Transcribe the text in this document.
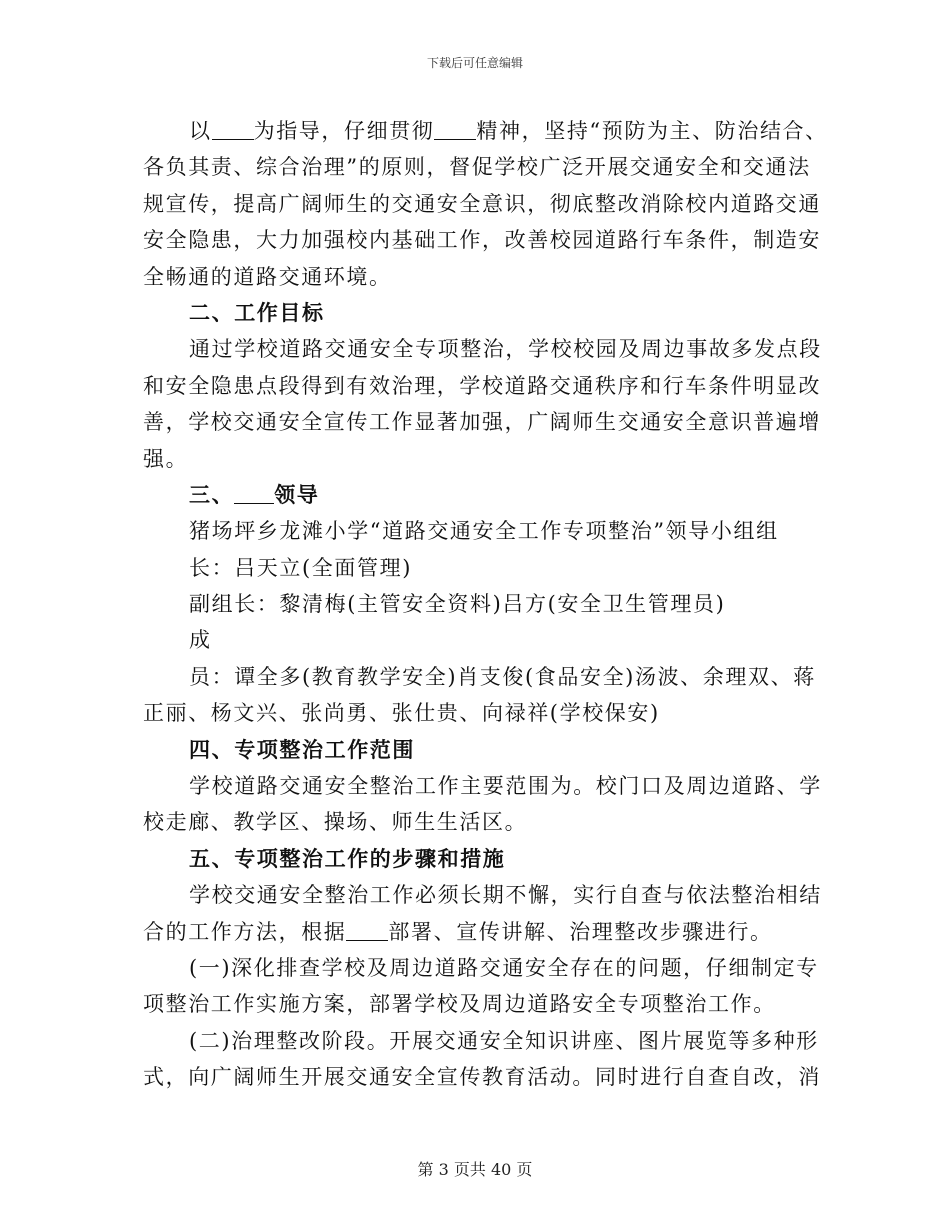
下载后可任意编辑
以 为指导，仔细贯彻 精神，坚持“预防为主、防治结合、
各负其责、综合治理”的原则，督促学校广泛开展交通安全和交通法
规宣传，提高广阔师生的交通安全意识，彻底整改消除校内道路交通
安全隐患，大力加强校内基础工作，改善校园道路行车条件，制造安
全畅通的道路交通环境。
二、工作目标
通过学校道路交通安全专项整治，学校校园及周边事故多发点段
和安全隐患点段得到有效治理，学校道路交通秩序和行车条件明显改
善，学校交通安全宣传工作显著加强，广阔师生交通安全意识普遍增
强。
三、 领导
猪场坪乡龙滩小学“道路交通安全工作专项整治”领导小组组
长：吕天立(全面管理)
副组长：黎清梅(主管安全资料)吕方(安全卫生管理员)
成
员：谭全多(教育教学安全)肖支俊(食品安全)汤波、余理双、蒋
正丽、杨文兴、张尚勇、张仕贵、向禄祥(学校保安)
四、专项整治工作范围
学校道路交通安全整治工作主要范围为。校门口及周边道路、学
校走廊、教学区、操场、师生生活区。
五、专项整治工作的步骤和措施
学校交通安全整治工作必须长期不懈，实行自查与依法整治相结
合的工作方法，根据 部署、宣传讲解、治理整改步骤进行。
(一)深化排查学校及周边道路交通安全存在的问题，仔细制定专
项整治工作实施方案，部署学校及周边道路安全专项整治工作。
(二)治理整改阶段。开展交通安全知识讲座、图片展览等多种形
式，向广阔师生开展交通安全宣传教育活动。同时进行自查自改，消
第 3 页共 40 页
